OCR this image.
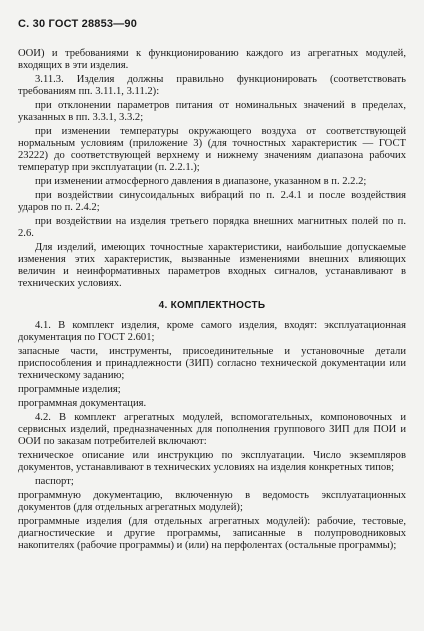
С. 30 ГОСТ 28853—90
ООИ) и требованиями к функционированию каждого из агрегатных модулей, входящих в эти изделия.
3.11.3. Изделия должны правильно функционировать (соответствовать требованиям пп. 3.11.1, 3.11.2):
при отклонении параметров питания от номинальных значений в пределах, указанных в пп. 3.3.1, 3.3.2;
при изменении температуры окружающего воздуха от соответствующей нормальным условиям (приложение 3) (для точностных характеристик — ГОСТ 23222) до соответствующей верхнему и нижнему значениям диапазона рабочих температур при эксплуатации (п. 2.2.1.);
при изменении атмосферного давления в диапазоне, указанном в п. 2.2.2;
при воздействии синусоидальных вибраций по п. 2.4.1 и после воздействия ударов по п. 2.4.2;
при воздействии на изделия третьего порядка внешних магнитных полей по п. 2.6.
Для изделий, имеющих точностные характеристики, наибольшие допускаемые изменения этих характеристик, вызванные изменениями внешних влияющих величин и неинформативных параметров входных сигналов, устанавливают в технических условиях.
4. КОМПЛЕКТНОСТЬ
4.1. В комплект изделия, кроме самого изделия, входят: эксплуатационная документация по ГОСТ 2.601;
запасные части, инструменты, присоединительные и установочные детали приспособления и принадлежности (ЗИП) согласно технической документации или техническому заданию;
программные изделия;
программная документация.
4.2. В комплект агрегатных модулей, вспомогательных, компоновочных и сервисных изделий, предназначенных для пополнения группового ЗИП для ПОИ и ООИ по заказам потребителей включают:
техническое описание или инструкцию по эксплуатации. Число экземпляров документов, устанавливают в технических условиях на изделия конкретных типов;
паспорт;
программную документацию, включенную в ведомость эксплуатационных документов (для отдельных агрегатных модулей);
программные изделия (для отдельных агрегатных модулей): рабочие, тестовые, диагностические и другие программы, записанные в полупроводниковых накопителях (рабочие программы) и (или) на перфолентах (остальные программы);
